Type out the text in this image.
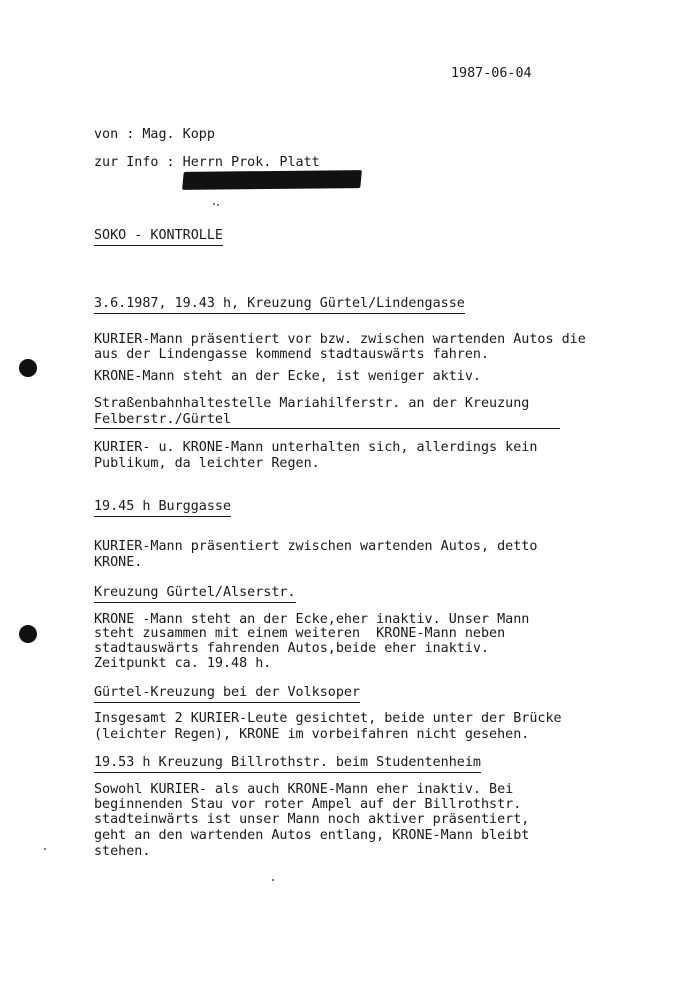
1987-06-04
von : Mag. Kopp
zur Info : Herrn Prok. Platt
SOKO - KONTROLLE
3.6.1987, 19.43 h, Kreuzung Gürtel/Lindengasse
KURIER-Mann präsentiert vor bzw. zwischen wartenden Autos die
aus der Lindengasse kommend stadtauswärts fahren.
KRONE-Mann steht an der Ecke, ist weniger aktiv.
Straßenbahnhaltestelle Mariahilferstr. an der Kreuzung
Felberstr./Gürtel
KURIER- u. KRONE-Mann unterhalten sich, allerdings kein
Publikum, da leichter Regen.
19.45 h Burggasse
KURIER-Mann präsentiert zwischen wartenden Autos, detto
KRONE.
Kreuzung Gürtel/Alserstr.
KRONE -Mann steht an der Ecke,eher inaktiv. Unser Mann
steht zusammen mit einem weiteren  KRONE-Mann neben
stadtauswärts fahrenden Autos,beide eher inaktiv.
Zeitpunkt ca. 19.48 h.
Gürtel-Kreuzung bei der Volksoper
Insgesamt 2 KURIER-Leute gesichtet, beide unter der Brücke
(leichter Regen), KRONE im vorbeifahren nicht gesehen.
19.53 h Kreuzung Billrothstr. beim Studentenheim
Sowohl KURIER- als auch KRONE-Mann eher inaktiv. Bei
beginnenden Stau vor roter Ampel auf der Billrothstr.
stadteinwärts ist unser Mann noch aktiver präsentiert,
geht an den wartenden Autos entlang, KRONE-Mann bleibt
stehen.
